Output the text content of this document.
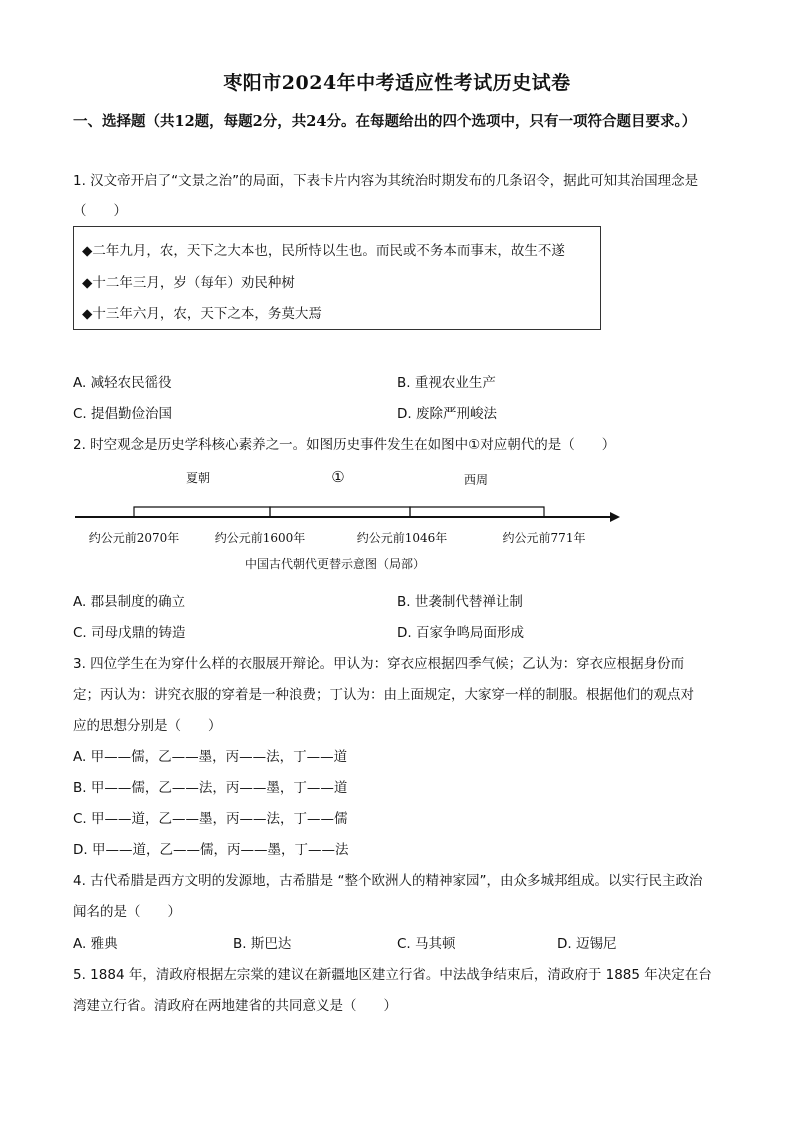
枣阳市2024年中考适应性考试历史试卷
一、选择题（共12题，每题2分，共24分。在每题给出的四个选项中，只有一项符合题目要求。）
1. 汉文帝开启了“文景之治”的局面，下表卡片内容为其统治时期发布的几条诏令，据此可知其治国理念是（　　）
◆二年九月，农，天下之大本也，民所恃以生也。而民或不务本而事末，故生不遂
◆十二年三月，岁（每年）劝民种树
◆十三年六月，农，天下之本，务莫大焉
A. 减轻农民徭役	B. 重视农业生产
C. 提倡勤俭治国	D. 废除严刑峻法
2. 时空观念是历史学科核心素养之一。如图历史事件发生在如图中①对应朝代的是（　　）
夏朝	①	西周
约公元前2070年	约公元前1600年	约公元前1046年	约公元前771年
中国古代朝代更替示意图（局部）
A. 郡县制度的确立	B. 世袭制代替禅让制
C. 司母戊鼎的铸造	D. 百家争鸣局面形成
3. 四位学生在为穿什么样的衣服展开辩论。甲认为：穿衣应根据四季气候；乙认为：穿衣应根据身份而
定；丙认为：讲究衣服的穿着是一种浪费；丁认为：由上面规定，大家穿一样的制服。根据他们的观点对
应的思想分别是（　　）
A. 甲——儒，乙——墨，丙——法，丁——道
B. 甲——儒，乙——法，丙——墨，丁——道
C. 甲——道，乙——墨，丙——法，丁——儒
D. 甲——道，乙——儒，丙——墨，丁——法
4. 古代希腊是西方文明的发源地，古希腊是 “整个欧洲人的精神家园”，由众多城邦组成。以实行民主政治
闻名的是（　　）
A. 雅典	B. 斯巴达	C. 马其顿	D. 迈锡尼
5. 1884 年，清政府根据左宗棠的建议在新疆地区建立行省。中法战争结束后，清政府于 1885 年决定在台
湾建立行省。清政府在两地建省的共同意义是（　　）
